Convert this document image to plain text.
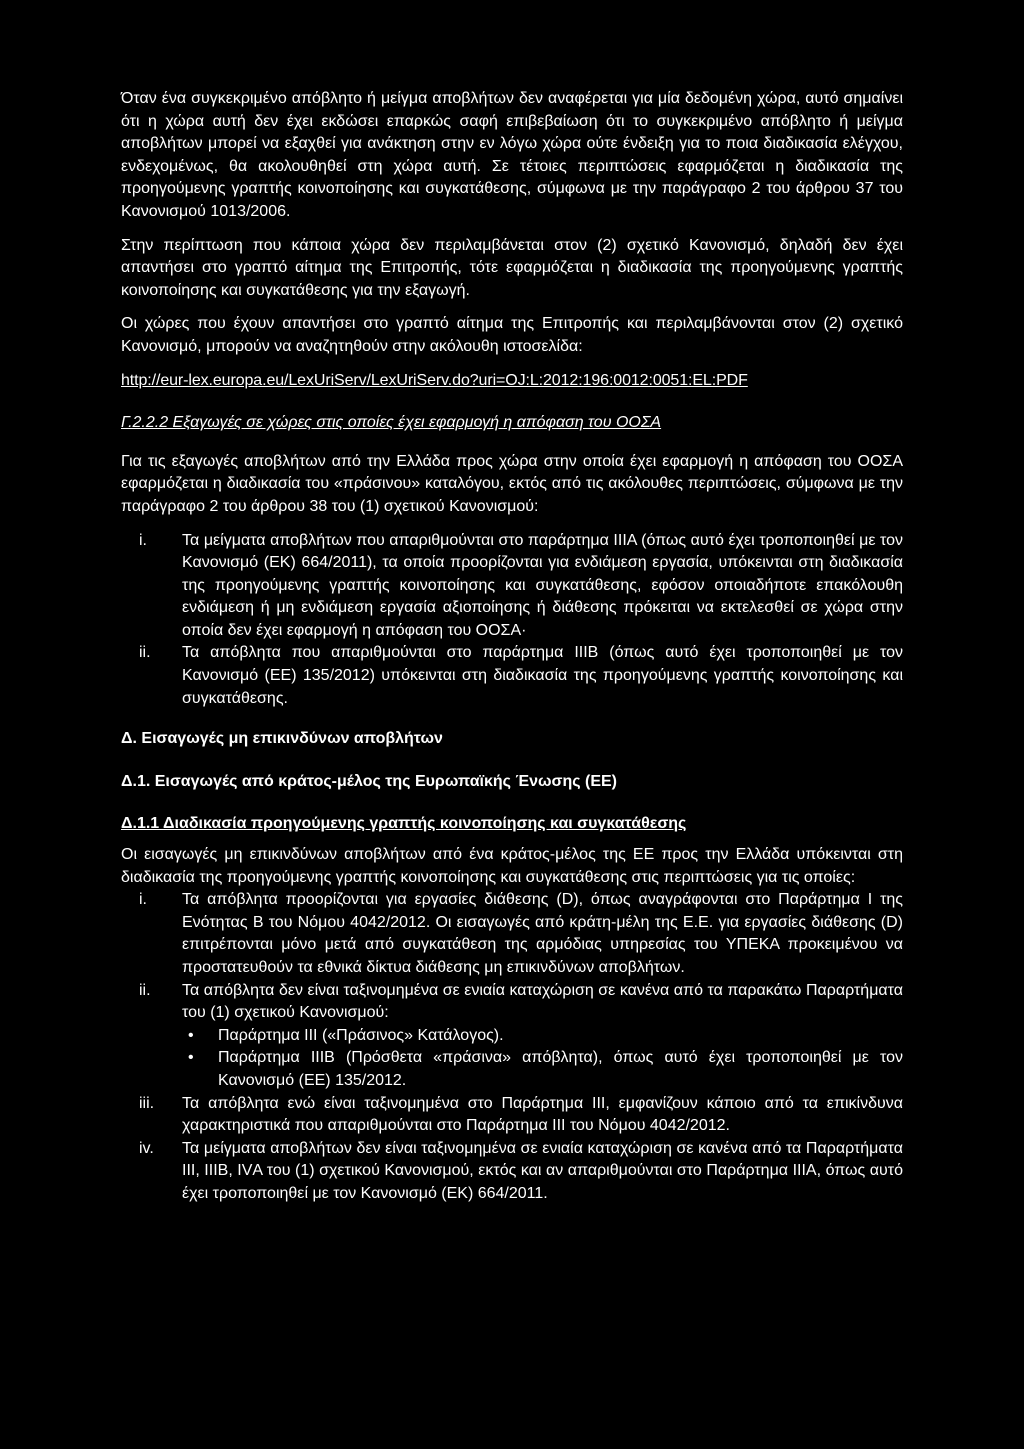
Όταν ένα συγκεκριμένο απόβλητο ή μείγμα αποβλήτων δεν αναφέρεται για μία δεδομένη χώρα, αυτό σημαίνει ότι η χώρα αυτή δεν έχει εκδώσει επαρκώς σαφή επιβεβαίωση ότι το συγκεκριμένο απόβλητο ή μείγμα αποβλήτων μπορεί να εξαχθεί για ανάκτηση στην εν λόγω χώρα ούτε ένδειξη για το ποια διαδικασία ελέγχου, ενδεχομένως, θα ακολουθηθεί στη χώρα αυτή. Σε τέτοιες περιπτώσεις εφαρμόζεται η διαδικασία της προηγούμενης γραπτής κοινοποίησης και συγκατάθεσης, σύμφωνα με την παράγραφο 2 του άρθρου 37 του Κανονισμού 1013/2006.

Στην περίπτωση που κάποια χώρα δεν περιλαμβάνεται στον (2) σχετικό Κανονισμό, δηλαδή δεν έχει απαντήσει στο γραπτό αίτημα της Επιτροπής, τότε εφαρμόζεται η διαδικασία της προηγούμενης γραπτής κοινοποίησης και συγκατάθεσης για την εξαγωγή.

Οι χώρες που έχουν απαντήσει στο γραπτό αίτημα της Επιτροπής και περιλαμβάνονται στον (2) σχετικό Κανονισμό, μπορούν να αναζητηθούν στην ακόλουθη ιστοσελίδα:

http://eur-lex.europa.eu/LexUriServ/LexUriServ.do?uri=OJ:L:2012:196:0012:0051:EL:PDF

Γ.2.2.2 Εξαγωγές σε χώρες στις οποίες έχει εφαρμογή η απόφαση του ΟΟΣΑ

Για τις εξαγωγές αποβλήτων από την Ελλάδα προς χώρα στην οποία έχει εφαρμογή η απόφαση του ΟΟΣΑ εφαρμόζεται η διαδικασία του «πράσινου» καταλόγου, εκτός από τις ακόλουθες περιπτώσεις, σύμφωνα με την παράγραφο 2 του άρθρου 38 του (1) σχετικού Κανονισμού:

i. Τα μείγματα αποβλήτων που απαριθμούνται στο παράρτημα IIIA (όπως αυτό έχει τροποποιηθεί με τον Κανονισμό (ΕΚ) 664/2011), τα οποία προορίζονται για ενδιάμεση εργασία, υπόκεινται στη διαδικασία της προηγούμενης γραπτής κοινοποίησης και συγκατάθεσης, εφόσον οποιαδήποτε επακόλουθη ενδιάμεση ή μη ενδιάμεση εργασία αξιοποίησης ή διάθεσης πρόκειται να εκτελεσθεί σε χώρα στην οποία δεν έχει εφαρμογή η απόφαση του ΟΟΣΑ·
ii. Τα απόβλητα που απαριθμούνται στο παράρτημα IIIB (όπως αυτό έχει τροποποιηθεί με τον Κανονισμό (ΕΕ) 135/2012) υπόκεινται στη διαδικασία της προηγούμενης γραπτής κοινοποίησης και συγκατάθεσης.

Δ. Εισαγωγές μη επικινδύνων αποβλήτων

Δ.1. Εισαγωγές από κράτος-μέλος της Ευρωπαϊκής Ένωσης (ΕΕ)

Δ.1.1 Διαδικασία προηγούμενης γραπτής κοινοποίησης και συγκατάθεσης

Οι εισαγωγές μη επικινδύνων αποβλήτων από ένα κράτος-μέλος της ΕΕ προς την Ελλάδα υπόκεινται στη διαδικασία της προηγούμενης γραπτής κοινοποίησης και συγκατάθεσης στις περιπτώσεις για τις οποίες:

i. Τα απόβλητα προορίζονται για εργασίες διάθεσης (D), όπως αναγράφονται στο Παράρτημα Ι της Ενότητας Β του Νόμου 4042/2012. Οι εισαγωγές από κράτη-μέλη της Ε.Ε. για εργασίες διάθεσης (D) επιτρέπονται μόνο μετά από συγκατάθεση της αρμόδιας υπηρεσίας του ΥΠΕΚΑ προκειμένου να προστατευθούν τα εθνικά δίκτυα διάθεσης μη επικινδύνων αποβλήτων.
ii. Τα απόβλητα δεν είναι ταξινομημένα σε ενιαία καταχώριση σε κανένα από τα παρακάτω Παραρτήματα του (1) σχετικού Κανονισμού:
• Παράρτημα ΙΙΙ («Πράσινος» Κατάλογος).
• Παράρτημα ΙΙΙΒ (Πρόσθετα «πράσινα» απόβλητα), όπως αυτό έχει τροποποιηθεί με τον Κανονισμό (ΕΕ) 135/2012.
iii. Τα απόβλητα ενώ είναι ταξινομημένα στο Παράρτημα ΙΙΙ, εμφανίζουν κάποιο από τα επικίνδυνα χαρακτηριστικά που απαριθμούνται στο Παράρτημα ΙΙΙ του Νόμου 4042/2012.
iv. Τα μείγματα αποβλήτων δεν είναι ταξινομημένα σε ενιαία καταχώριση σε κανένα από τα Παραρτήματα ΙΙΙ, ΙΙΙΒ, ΙVΑ του (1) σχετικού Κανονισμού, εκτός και αν απαριθμούνται στο Παράρτημα ΙΙΙΑ, όπως αυτό έχει τροποποιηθεί με τον Κανονισμό (ΕΚ) 664/2011.
